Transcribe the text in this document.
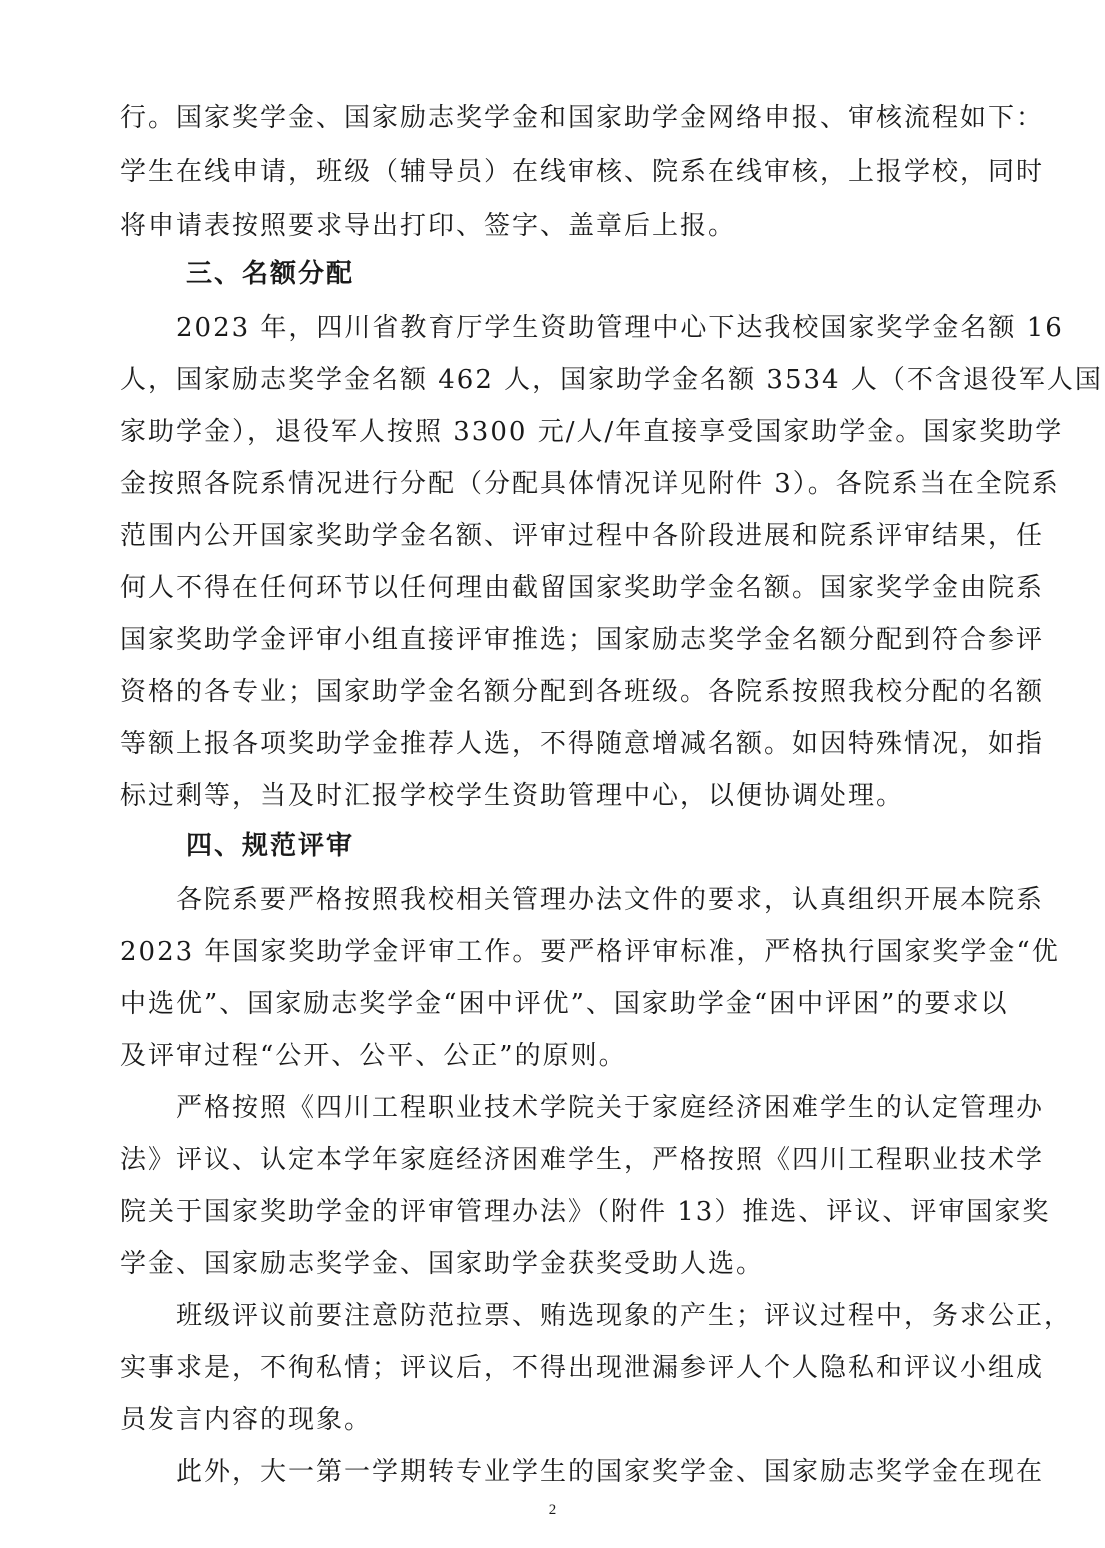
行。国家奖学金、国家励志奖学金和国家助学金网络申报、审核流程如下：
学生在线申请，班级（辅导员）在线审核、院系在线审核，上报学校，同时
将申请表按照要求导出打印、签字、盖章后上报。
三、名额分配
2023 年，四川省教育厅学生资助管理中心下达我校国家奖学金名额 16
人，国家励志奖学金名额 462 人，国家助学金名额 3534 人（不含退役军人国
家助学金），退役军人按照 3300 元/人/年直接享受国家助学金。国家奖助学
金按照各院系情况进行分配（分配具体情况详见附件 3）。各院系当在全院系
范围内公开国家奖助学金名额、评审过程中各阶段进展和院系评审结果，任
何人不得在任何环节以任何理由截留国家奖助学金名额。国家奖学金由院系
国家奖助学金评审小组直接评审推选；国家励志奖学金名额分配到符合参评
资格的各专业；国家助学金名额分配到各班级。各院系按照我校分配的名额
等额上报各项奖助学金推荐人选，不得随意增减名额。如因特殊情况，如指
标过剩等，当及时汇报学校学生资助管理中心，以便协调处理。
四、规范评审
各院系要严格按照我校相关管理办法文件的要求，认真组织开展本院系
2023 年国家奖助学金评审工作。要严格评审标准，严格执行国家奖学金“优
中选优”、国家励志奖学金“困中评优”、国家助学金“困中评困”的要求以
及评审过程“公开、公平、公正”的原则。
严格按照《四川工程职业技术学院关于家庭经济困难学生的认定管理办
法》评议、认定本学年家庭经济困难学生，严格按照《四川工程职业技术学
院关于国家奖助学金的评审管理办法》（附件 13）推选、评议、评审国家奖
学金、国家励志奖学金、国家助学金获奖受助人选。
班级评议前要注意防范拉票、贿选现象的产生；评议过程中，务求公正，
实事求是，不徇私情；评议后，不得出现泄漏参评人个人隐私和评议小组成
员发言内容的现象。
此外，大一第一学期转专业学生的国家奖学金、国家励志奖学金在现在
2
